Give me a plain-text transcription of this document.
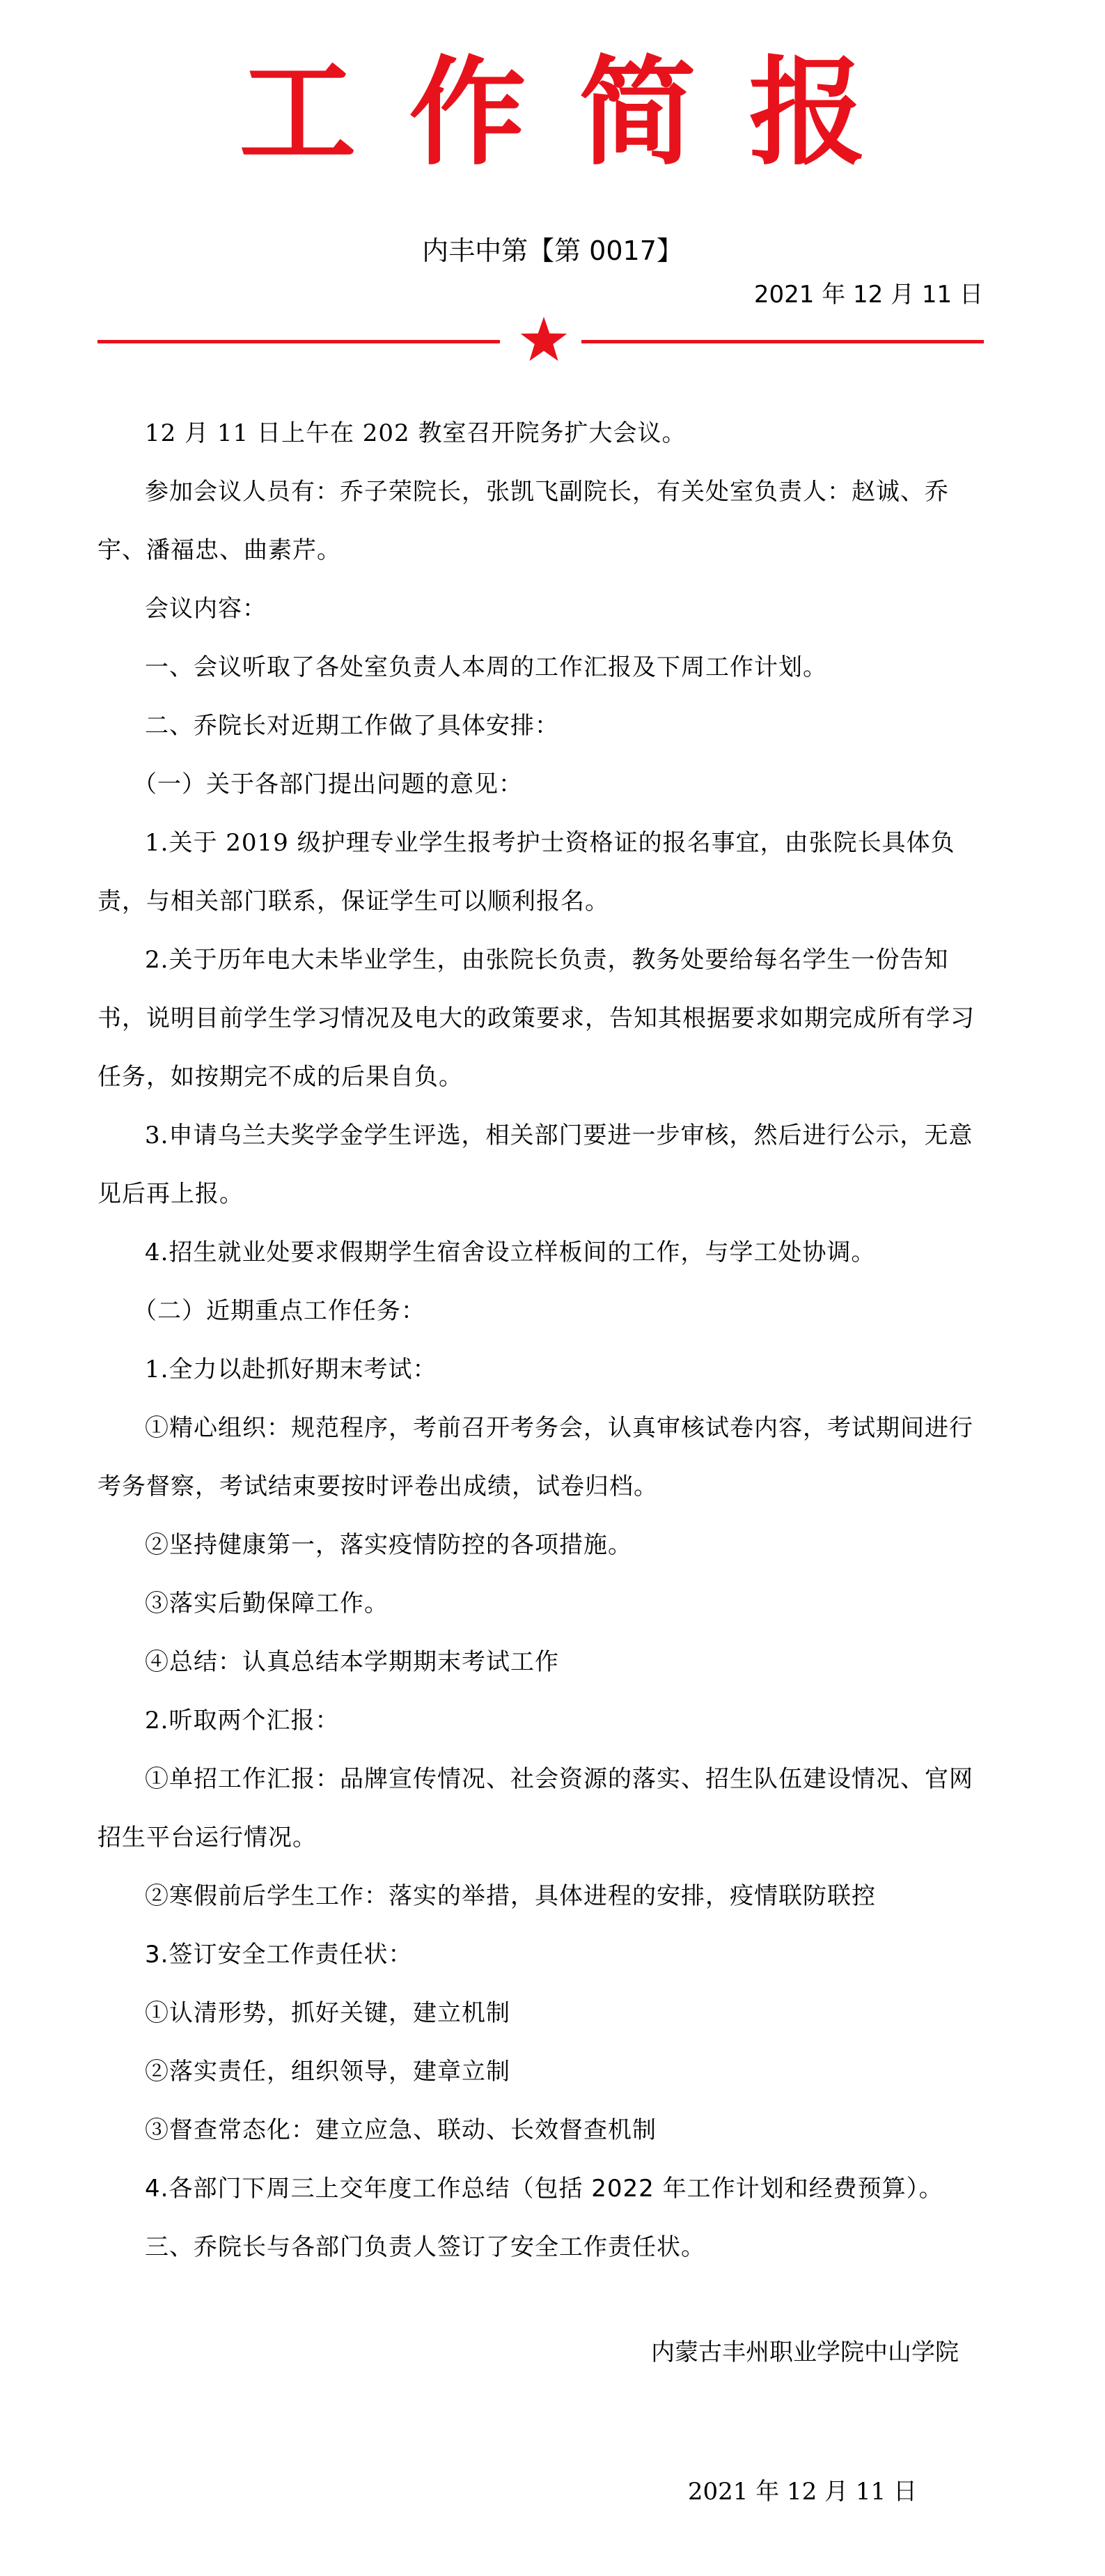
工 作 简 报
内丰中第【第 0017】
2021 年 12 月 11 日

12 月 11 日上午在 202 教室召开院务扩大会议。

参加会议人员有：乔子荣院长，张凯飞副院长，有关处室负责人：赵诚、乔宇、潘福忠、曲素芹。

会议内容：

一、会议听取了各处室负责人本周的工作汇报及下周工作计划。

二、乔院长对近期工作做了具体安排：

（一）关于各部门提出问题的意见：

1.关于 2019 级护理专业学生报考护士资格证的报名事宜，由张院长具体负责，与相关部门联系，保证学生可以顺利报名。

2.关于历年电大未毕业学生，由张院长负责，教务处要给每名学生一份告知书，说明目前学生学习情况及电大的政策要求，告知其根据要求如期完成所有学习任务，如按期完不成的后果自负。

3.申请乌兰夫奖学金学生评选，相关部门要进一步审核，然后进行公示，无意见后再上报。

4.招生就业处要求假期学生宿舍设立样板间的工作，与学工处协调。

（二）近期重点工作任务：

1.全力以赴抓好期末考试：

①精心组织：规范程序，考前召开考务会，认真审核试卷内容，考试期间进行考务督察，考试结束要按时评卷出成绩，试卷归档。

②坚持健康第一，落实疫情防控的各项措施。

③落实后勤保障工作。

④总结：认真总结本学期期末考试工作

2.听取两个汇报：

①单招工作汇报：品牌宣传情况、社会资源的落实、招生队伍建设情况、官网招生平台运行情况。

②寒假前后学生工作：落实的举措，具体进程的安排，疫情联防联控

3.签订安全工作责任状：

①认清形势，抓好关键，建立机制

②落实责任，组织领导，建章立制

③督查常态化：建立应急、联动、长效督查机制

4.各部门下周三上交年度工作总结（包括 2022 年工作计划和经费预算）。

三、乔院长与各部门负责人签订了安全工作责任状。

内蒙古丰州职业学院中山学院
2021 年 12 月 11 日
